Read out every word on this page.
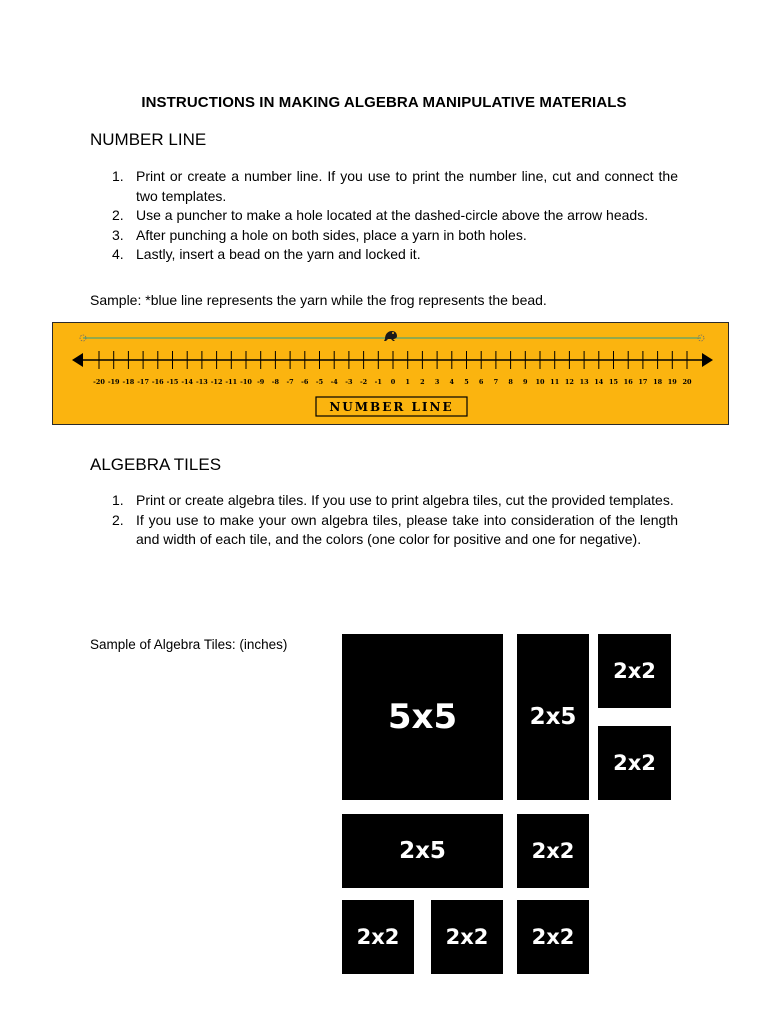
INSTRUCTIONS IN MAKING ALGEBRA MANIPULATIVE MATERIALS
NUMBER LINE
1. Print or create a number line. If you use to print the number line, cut and connect the two templates.
2. Use a puncher to make a hole located at the dashed-circle above the arrow heads.
3. After punching a hole on both sides, place a yarn in both holes.
4. Lastly, insert a bead on the yarn and locked it.
Sample: *blue line represents the yarn while the frog represents the bead.
-20 -19 -18 -17 -16 -15 -14 -13 -12 -11 -10 -9 -8 -7 -6 -5 -4 -3 -2 -1 0 1 2 3 4 5 6 7 8 9 10 11 12 13 14 15 16 17 18 19 20
NUMBER LINE
ALGEBRA TILES
1. Print or create algebra tiles. If you use to print algebra tiles, cut the provided templates.
2. If you use to make your own algebra tiles, please take into consideration of the length and width of each tile, and the colors (one color for positive and one for negative).
Sample of Algebra Tiles: (inches)
5x5	2x5
2x2
2x2
2x5	2x2
2x2	2x2	2x2
